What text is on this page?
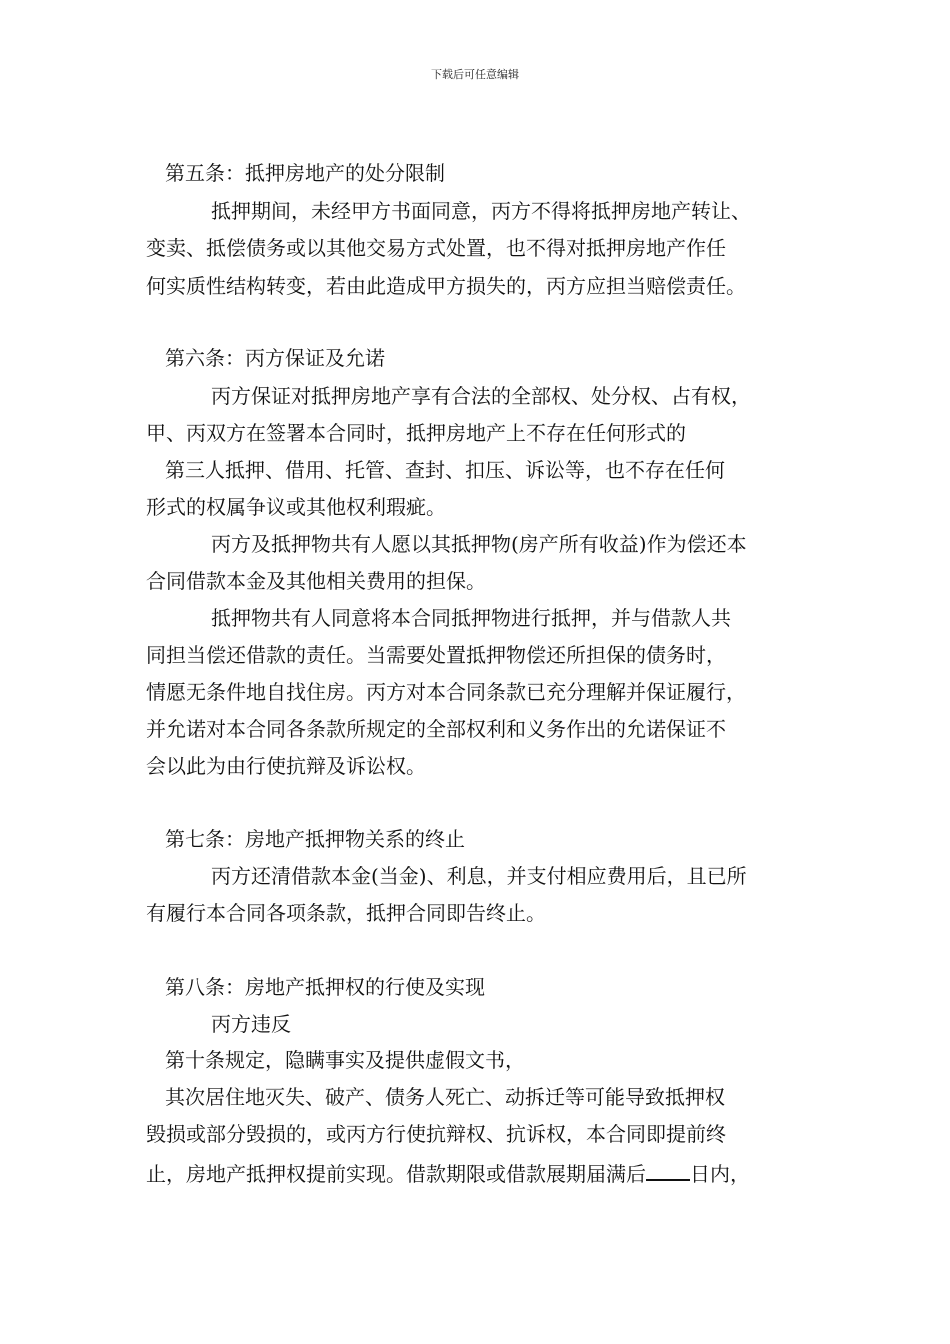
下载后可任意编辑
第五条：抵押房地产的处分限制
抵押期间，未经甲方书面同意，丙方不得将抵押房地产转让、
变卖、抵偿债务或以其他交易方式处置，也不得对抵押房地产作任
何实质性结构转变，若由此造成甲方损失的，丙方应担当赔偿责任。
第六条：丙方保证及允诺
丙方保证对抵押房地产享有合法的全部权、处分权、占有权，
甲、丙双方在签署本合同时，抵押房地产上不存在任何形式的
第三人抵押、借用、托管、查封、扣压、诉讼等，也不存在任何
形式的权属争议或其他权利瑕疵。
丙方及抵押物共有人愿以其抵押物(房产所有收益)作为偿还本
合同借款本金及其他相关费用的担保。
抵押物共有人同意将本合同抵押物进行抵押，并与借款人共
同担当偿还借款的责任。当需要处置抵押物偿还所担保的债务时，
情愿无条件地自找住房。丙方对本合同条款已充分理解并保证履行，
并允诺对本合同各条款所规定的全部权利和义务作出的允诺保证不
会以此为由行使抗辩及诉讼权。
第七条：房地产抵押物关系的终止
丙方还清借款本金(当金)、利息，并支付相应费用后，且已所
有履行本合同各项条款，抵押合同即告终止。
第八条：房地产抵押权的行使及实现
丙方违反
第十条规定，隐瞒事实及提供虚假文书，
其次居住地灭失、破产、债务人死亡、动拆迁等可能导致抵押权
毁损或部分毁损的，或丙方行使抗辩权、抗诉权，本合同即提前终
止，房地产抵押权提前实现。借款期限或借款展期届满后 日内，
